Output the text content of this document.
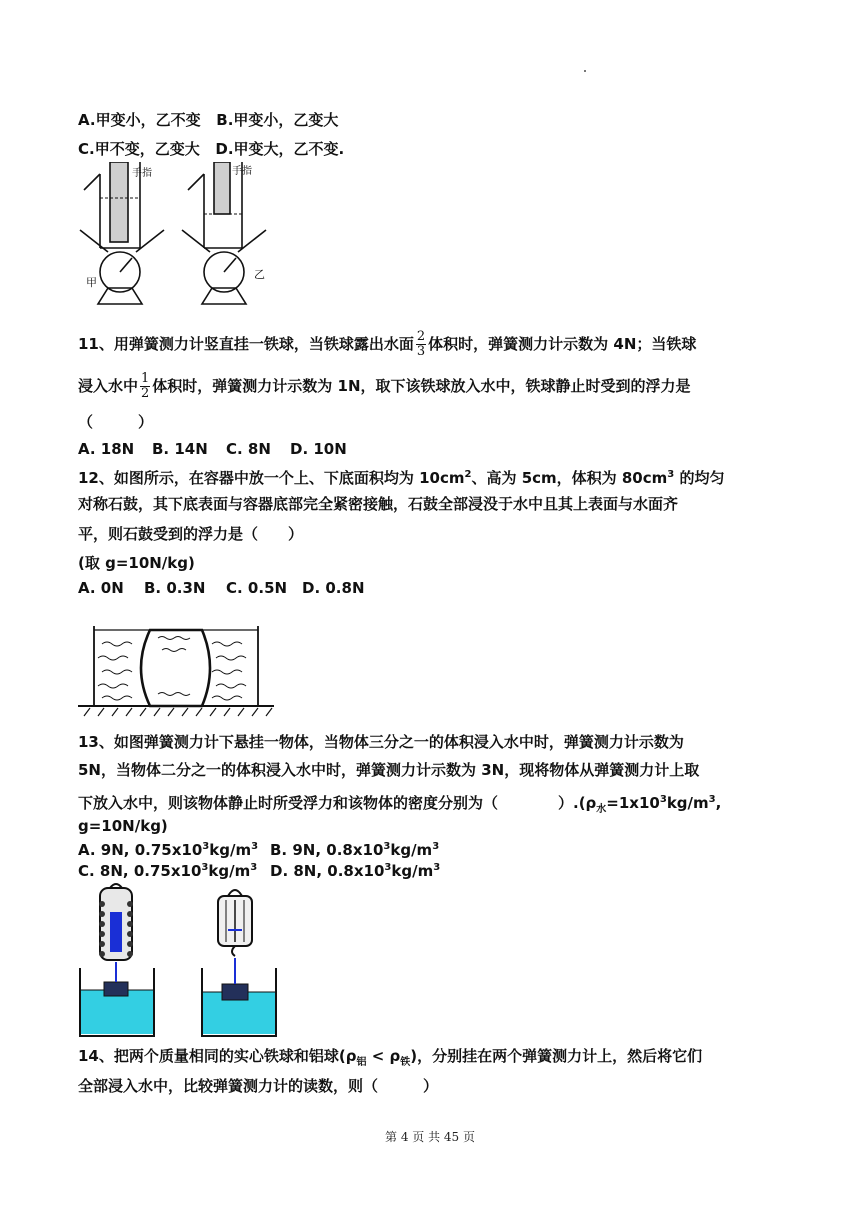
A.甲变小，乙不变 B.甲变小，乙变大
C.甲不变，乙变大 D.甲变大，乙不变.
手指	手指
甲
乙
11、用弹簧测力计竖直挂一铁球，当铁球露出水面 $\frac{2}{3}$ 体积时，弹簧测力计示数为 4N；当铁球
浸入水中 $\frac{1}{2}$ 体积时，弹簧测力计示数为 1N，取下该铁球放入水中，铁球静止时受到的浮力是
（　　　）
A. 18N B. 14N C. 8N D. 10N
12、如图所示，在容器中放一个上、下底面积均为 $10cm^2$、高为 5cm，体积为 $80cm^3$ 的均匀
对称石鼓，其下底表面与容器底部完全紧密接触，石鼓全部浸没于水中且其上表面与水面齐
平，则石鼓受到的浮力是（　　）
(取 g=10N/kg)
A. 0N B. 0.3N C. 0.5N D. 0.8N
13、如图弹簧测力计下悬挂一物体，当物体三分之一的体积浸入水中时，弹簧测力计示数为
5N，当物体二分之一的体积浸入水中时，弹簧测力计示数为 3N，现将物体从弹簧测力计上取
下放入水中，则该物体静止时所受浮力和该物体的密度分别为（　　　　）$.(\rho_水=1x10^3kg/m^3$,
g=10N/kg)
A. 9N, $0.75x10^3kg/m^3$ B. 9N, $0.8x10^3kg/m^3$
C. 8N, $0.75x10^3kg/m^3$ D. 8N, $0.8x10^3kg/m^3$
14、把两个质量相同的实心铁球和铝球$(\rho_铝 < \rho_铁)$，分别挂在两个弹簧测力计上，然后将它们
全部浸入水中，比较弹簧测力计的读数，则（　　　）
第 4 页 共 45 页
